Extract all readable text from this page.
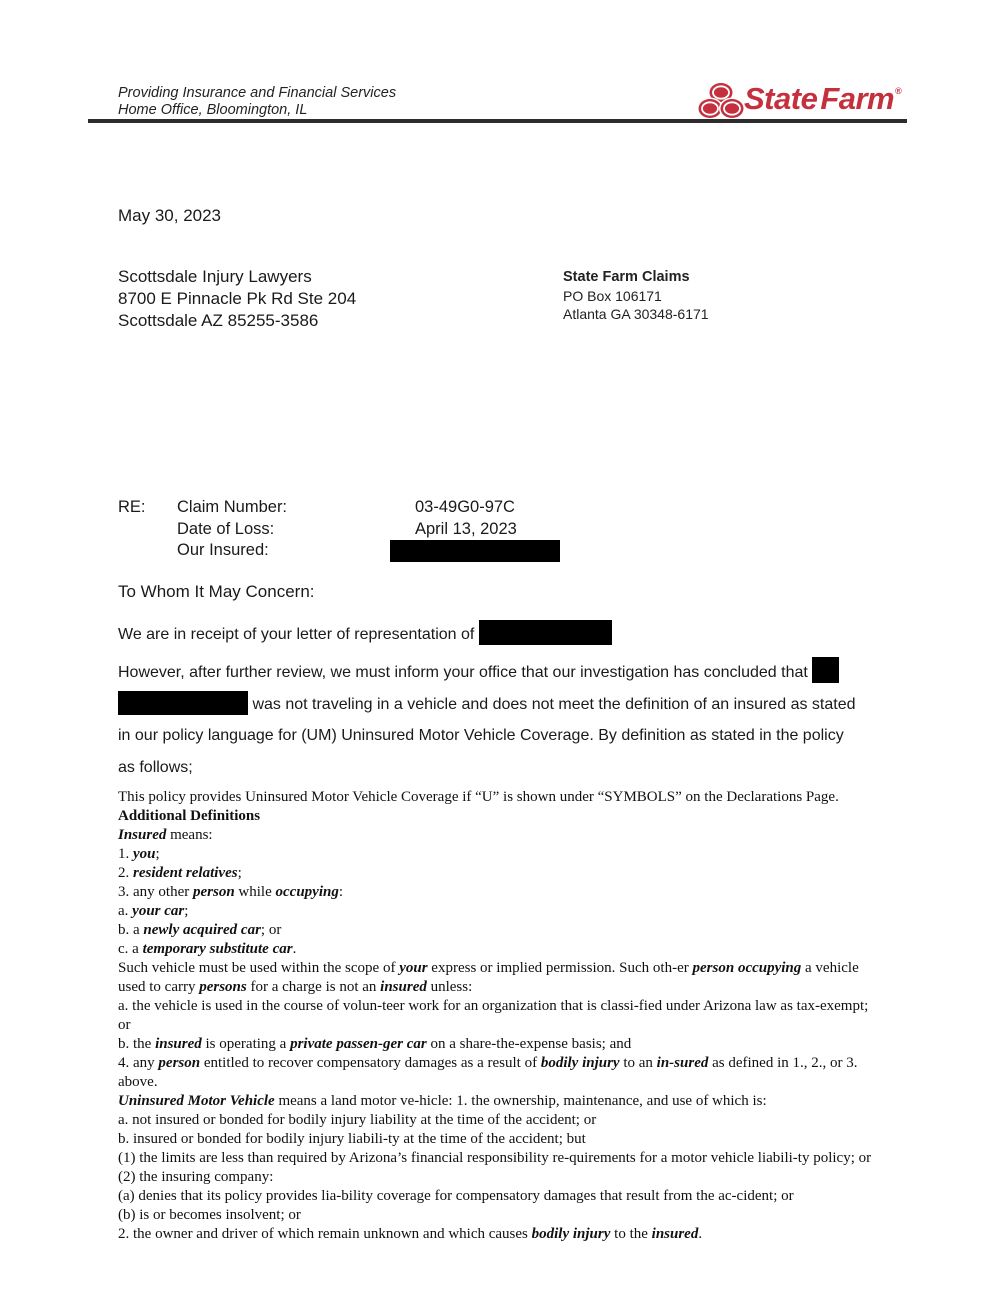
Providing Insurance and Financial Services
Home Office, Bloomington, IL	StateFarm ®
May 30, 2023
Scottsdale Injury Lawyers
8700 E Pinnacle Pk Rd Ste 204
Scottsdale AZ 85255-3586
State Farm Claims
PO Box 106171
Atlanta GA 30348-6171
RE:	Claim Number:	03-49G0-97C
Date of Loss:	April 13, 2023
Our Insured:
To Whom It May Concern:
We are in receipt of your letter of representation of
However, after further review, we must inform your office that our investigation has concluded that
was not traveling in a vehicle and does not meet the definition of an insured as stated
in our policy language for (UM) Uninsured Motor Vehicle Coverage. By definition as stated in the policy
as follows;
This policy provides Uninsured Motor Vehicle Coverage if “U” is shown under “SYMBOLS” on the Declarations Page.
Additional Definitions
Insured means:
1. you;
2. resident relatives;
3. any other person while occupying:
a. your car;
b. a newly acquired car; or
c. a temporary substitute car.
Such vehicle must be used within the scope of your express or implied permission. Such oth-er person occupying a vehicle
used to carry persons for a charge is not an insured unless:
a. the vehicle is used in the course of volun-teer work for an organization that is classi-fied under Arizona law as tax-exempt;
or
b. the insured is operating a private passen-ger car on a share-the-expense basis; and
4. any person entitled to recover compensatory damages as a result of bodily injury to an in-sured as defined in 1., 2., or 3.
above.
Uninsured Motor Vehicle means a land motor ve-hicle: 1. the ownership, maintenance, and use of which is:
a. not insured or bonded for bodily injury liability at the time of the accident; or
b. insured or bonded for bodily injury liabili-ty at the time of the accident; but
(1) the limits are less than required by Arizona’s financial responsibility re-quirements for a motor vehicle liabili-ty policy; or
(2) the insuring company:
(a) denies that its policy provides lia-bility coverage for compensatory damages that result from the ac-cident; or
(b) is or becomes insolvent; or
2. the owner and driver of which remain unknown and which causes bodily injury to the insured.
